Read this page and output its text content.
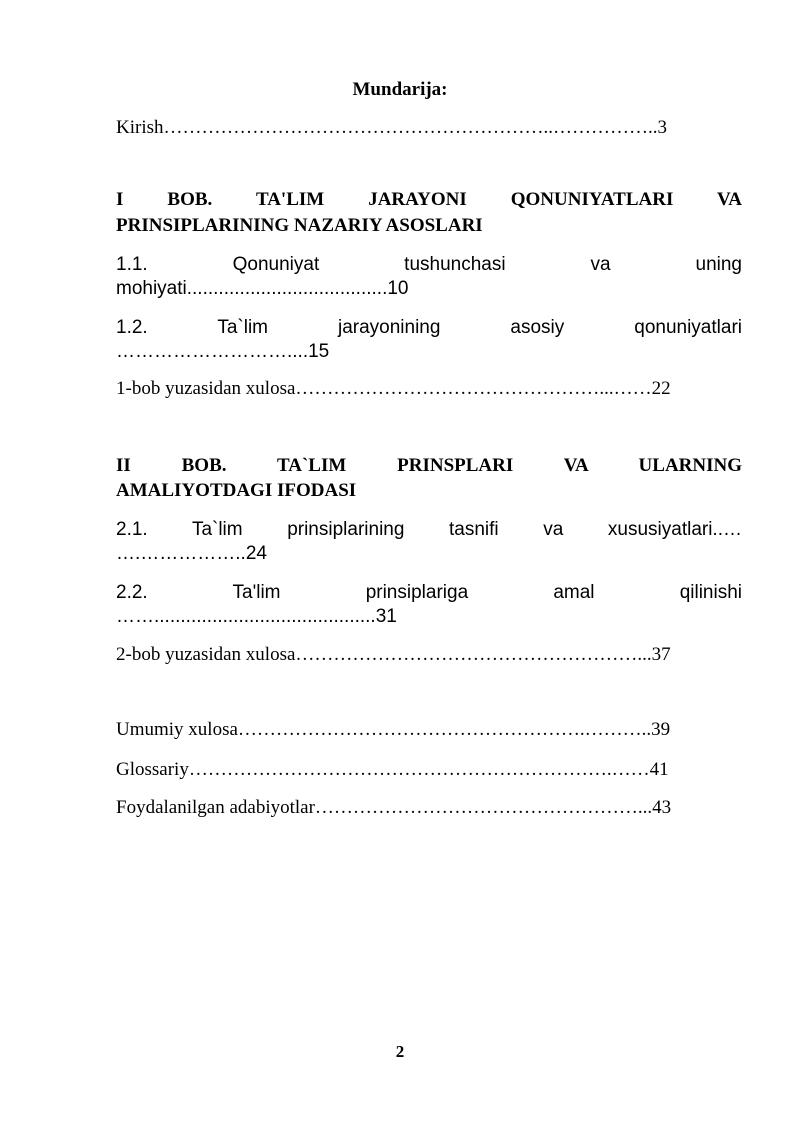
Mundarija:
Kirish……………………………………………………..……………..3
I BOB. TA'LIM JARAYONI QONUNIYATLARI VA
PRINSIPLARINING NAZARIY ASOSLARI
1.1. Qonuniyat tushunchasi va uning
mohiyati......................................10
1.2. Ta`lim jarayonining asosiy qonuniyatlari
………………………....15
1-bob yuzasidan xulosa…………………………………………...……22
II BOB. TA`LIM PRINSPLARI VA ULARNING
AMALIYOTDAGI IFODASI
2.1. Ta`lim prinsiplarining tasnifi va xususiyatlari..…
….……………..24
2.2. Ta'lim prinsiplariga amal qilinishi
……..........................................31
2-bob yuzasidan xulosa………………………………………………...37
Umumiy xulosa……………………………………………….………..39
Glossariy………………………………………………………….……41
Foydalanilgan adabiyotlar……………………………………………...43
2
